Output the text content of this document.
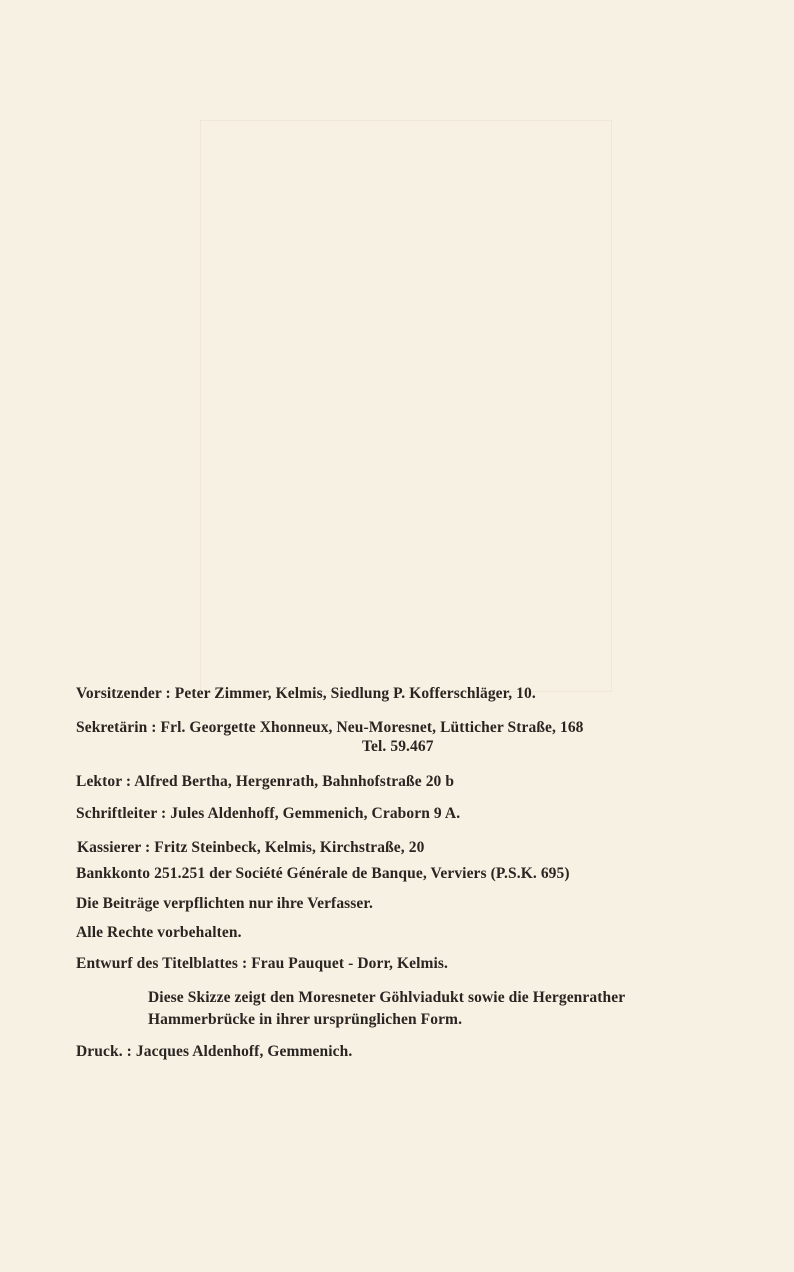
Vorsitzender : Peter Zimmer, Kelmis, Siedlung P. Kofferschläger, 10.
Sekretärin : Frl. Georgette Xhonneux, Neu-Moresnet, Lütticher Straße, 168
Tel. 59.467
Lektor : Alfred Bertha, Hergenrath, Bahnhofstraße 20 b
Schriftleiter : Jules Aldenhoff, Gemmenich, Craborn 9 A.
Kassierer : Fritz Steinbeck, Kelmis, Kirchstraße, 20
Bankkonto 251.251 der Société Générale de Banque, Verviers (P.S.K. 695)
Die Beiträge verpflichten nur ihre Verfasser.
Alle Rechte vorbehalten.
Entwurf des Titelblattes : Frau Pauquet - Dorr, Kelmis.
Diese Skizze zeigt den Moresneter Göhlviadukt sowie die Hergenrather
Hammerbrücke in ihrer ursprünglichen Form.
Druck. : Jacques Aldenhoff, Gemmenich.
